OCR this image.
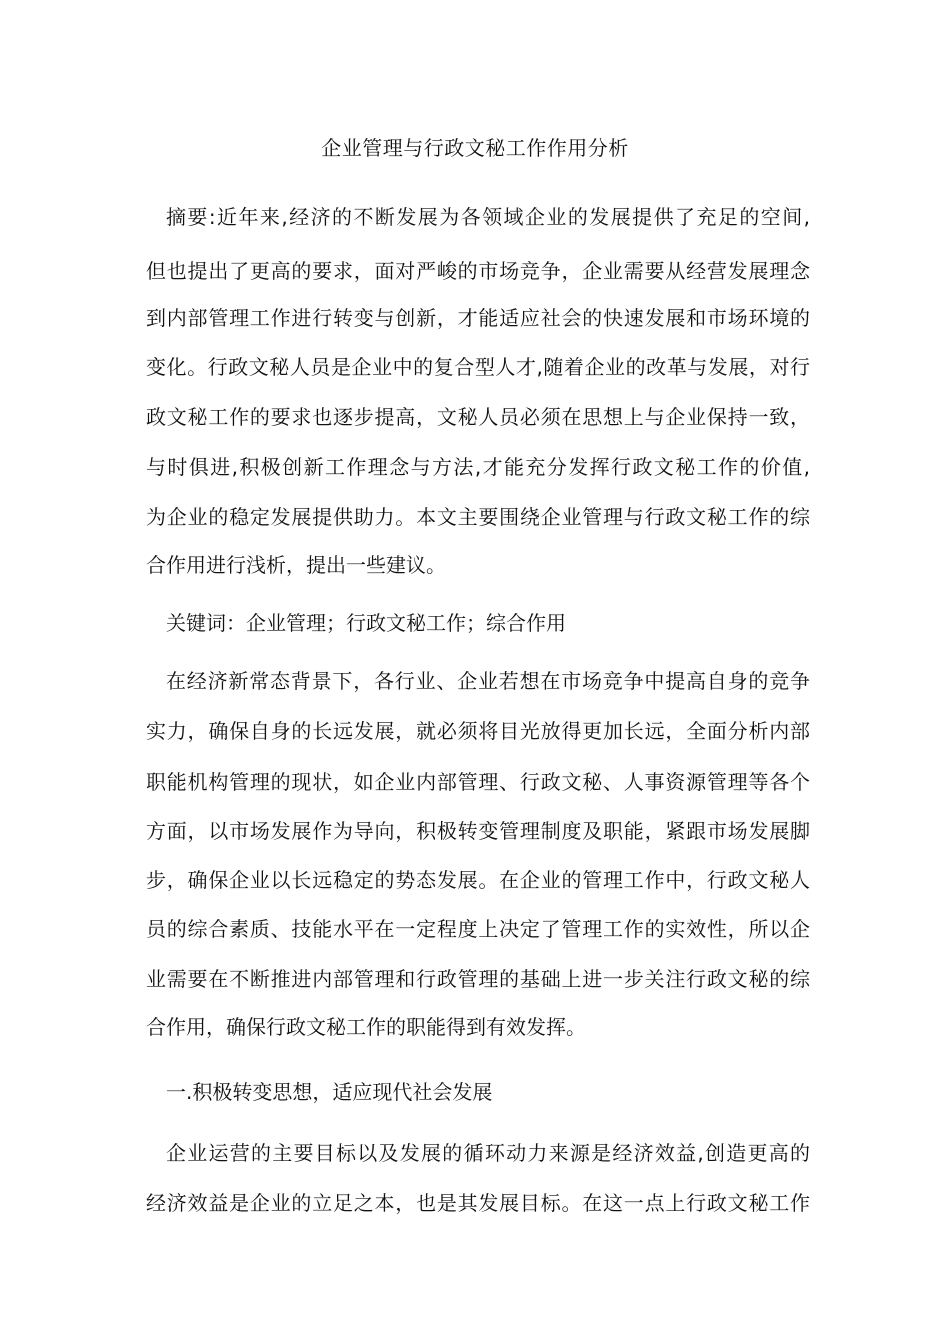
企业管理与行政文秘工作作用分析
摘要:近年来,经济的不断发展为各领域企业的发展提供了充足的空间,
但也提出了更高的要求，面对严峻的市场竞争，企业需要从经营发展理念
到内部管理工作进行转变与创新，才能适应社会的快速发展和市场环境的
变化。行政文秘人员是企业中的复合型人才,随着企业的改革与发展，对行
政文秘工作的要求也逐步提高，文秘人员必须在思想上与企业保持一致，
与时俱进,积极创新工作理念与方法,才能充分发挥行政文秘工作的价值,
为企业的稳定发展提供助力。本文主要围绕企业管理与行政文秘工作的综
合作用进行浅析，提出一些建议。
关键词：企业管理；行政文秘工作；综合作用
在经济新常态背景下，各行业、企业若想在市场竞争中提高自身的竞争
实力，确保自身的长远发展，就必须将目光放得更加长远，全面分析内部
职能机构管理的现状，如企业内部管理、行政文秘、人事资源管理等各个
方面，以市场发展作为导向，积极转变管理制度及职能，紧跟市场发展脚
步，确保企业以长远稳定的势态发展。在企业的管理工作中，行政文秘人
员的综合素质、技能水平在一定程度上决定了管理工作的实效性，所以企
业需要在不断推进内部管理和行政管理的基础上进一步关注行政文秘的综
合作用，确保行政文秘工作的职能得到有效发挥。
一.积极转变思想，适应现代社会发展
企业运营的主要目标以及发展的循环动力来源是经济效益,创造更高的
经济效益是企业的立足之本，也是其发展目标。在这一点上行政文秘工作
